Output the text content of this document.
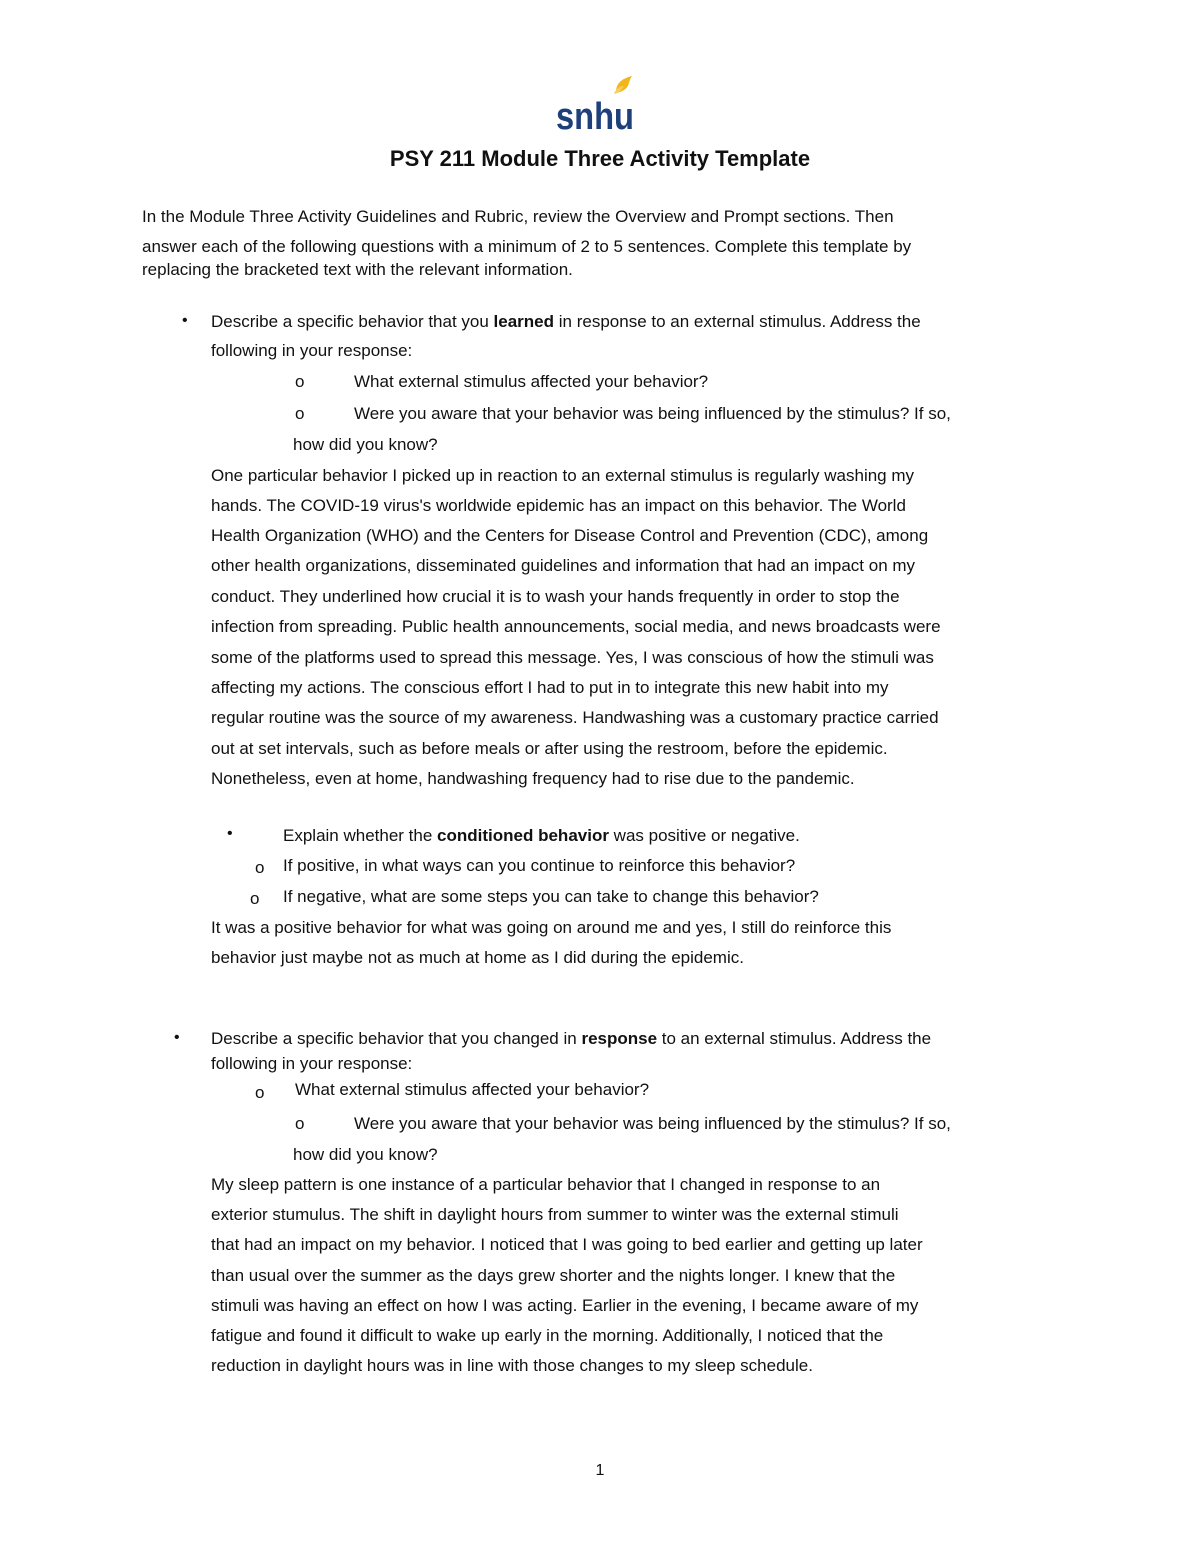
snhu
PSY 211 Module Three Activity Template
In the Module Three Activity Guidelines and Rubric, review the Overview and Prompt sections. Then
answer each of the following questions with a minimum of 2 to 5 sentences. Complete this template by
replacing the bracketed text with the relevant information.
• Describe a specific behavior that you learned in response to an external stimulus. Address the
following in your response:
o	What external stimulus affected your behavior?
o	Were you aware that your behavior was being influenced by the stimulus? If so,
how did you know?
One particular behavior I picked up in reaction to an external stimulus is regularly washing my
hands. The COVID-19 virus's worldwide epidemic has an impact on this behavior. The World
Health Organization (WHO) and the Centers for Disease Control and Prevention (CDC), among
other health organizations, disseminated guidelines and information that had an impact on my
conduct. They underlined how crucial it is to wash your hands frequently in order to stop the
infection from spreading. Public health announcements, social media, and news broadcasts were
some of the platforms used to spread this message. Yes, I was conscious of how the stimuli was
affecting my actions. The conscious effort I had to put in to integrate this new habit into my
regular routine was the source of my awareness. Handwashing was a customary practice carried
out at set intervals, such as before meals or after using the restroom, before the epidemic.
Nonetheless, even at home, handwashing frequency had to rise due to the pandemic.
•	Explain whether the conditioned behavior was positive or negative.
o If positive, in what ways can you continue to reinforce this behavior?
o If negative, what are some steps you can take to change this behavior?
It was a positive behavior for what was going on around me and yes, I still do reinforce this
behavior just maybe not as much at home as I did during the epidemic.
• Describe a specific behavior that you changed in response to an external stimulus. Address the
following in your response:
o What external stimulus affected your behavior?
o	Were you aware that your behavior was being influenced by the stimulus? If so,
how did you know?
My sleep pattern is one instance of a particular behavior that I changed in response to an
exterior stumulus. The shift in daylight hours from summer to winter was the external stimuli
that had an impact on my behavior. I noticed that I was going to bed earlier and getting up later
than usual over the summer as the days grew shorter and the nights longer. I knew that the
stimuli was having an effect on how I was acting. Earlier in the evening, I became aware of my
fatigue and found it difficult to wake up early in the morning. Additionally, I noticed that the
reduction in daylight hours was in line with those changes to my sleep schedule.
1
